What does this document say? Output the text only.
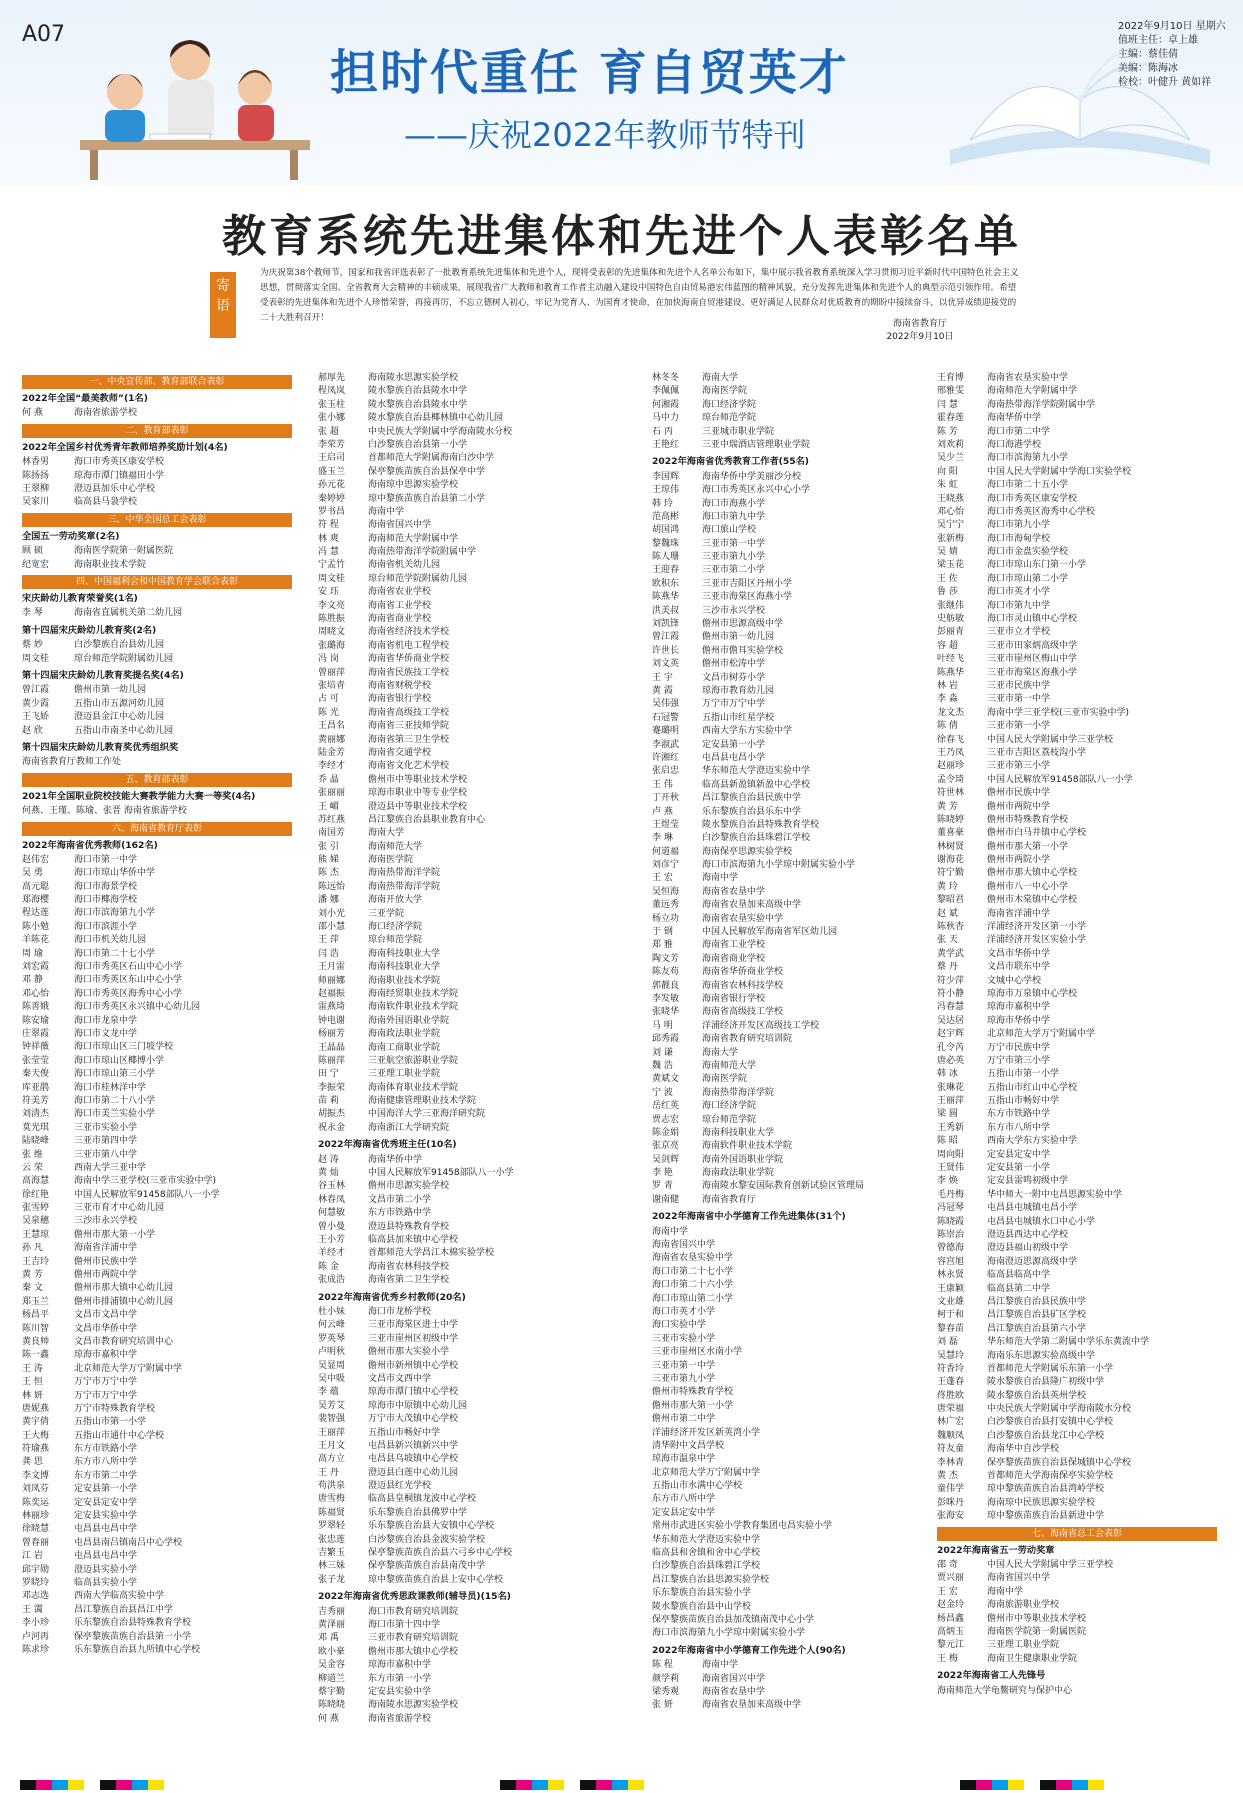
A07
担时代重任 育自贸英才
——庆祝2022年教师节特刊
2022年9月10日 星期六
值班主任：卓上雄
主编：蔡佳倩
美编：陈海冰
检校：叶健升 黄如祥
教育系统先进集体和先进个人表彰名单
寄语
为庆祝第38个教师节，国家和我省评选表彰了一批教育系统先进集体和先进个人，现将受表彰的先进集体和先进个人名单公布如下，集中展示我省教育系统深入学习贯彻习近平新时代中国特色社会主义思想，贯彻落实全国、全省教育大会精神的丰硕成果，展现我省广大教师和教育工作者主动融入建设中国特色自由贸易港宏伟蓝图的精神风貌，充分发挥先进集体和先进个人的典型示范引领作用。希望受表彰的先进集体和先进个人珍惜荣誉，再接再厉，不忘立德树人初心，牢记为党育人、为国育才使命，在加快海南自贸港建设、更好满足人民群众对优质教育的期盼中接续奋斗，以优异成绩迎接党的二十大胜利召开！
海南省教育厅
2022年9月10日
一、中央宣传部、教育部联合表彰
2022年全国“最美教师”(1名)
何 燕	海南省旅游学校
二、教育部表彰
2022年全国乡村优秀青年教师培养奖励计划(4名)
林香男	海口市秀英区康安学校
陈扬扬	琼海市潭门镇福田小学
王翠柳	澄迈县加乐中心学校
吴家川	临高县马袅学校
三、中华全国总工会表彰
全国五一劳动奖章(2名)
顾 硕	海南医学院第一附属医院
纪宽宏	海南职业技术学院
四、中国福利会和中国教育学会联合表彰
宋庆龄幼儿教育荣誉奖(1名)
李 琴	海南省直属机关第二幼儿园
第十四届宋庆龄幼儿教育奖(2名)
蔡 妙	白沙黎族自治县幼儿园
周文桂	琼台师范学院附属幼儿园
第十四届宋庆龄幼儿教育奖提名奖(4名)
曾江霞	儋州市第一幼儿园
黄少霞	五指山市五源河幼儿园
王飞娇	澄迈县金江中心幼儿园
赵 欣	五指山市南圣中心幼儿园
第十四届宋庆龄幼儿教育奖优秀组织奖
海南省教育厅教师工作处
五、教育部表彰
2021年全国职业院校技能大赛教学能力大赛一等奖(4名)
何燕、王瑾、陈瑜、张晋 海南省旅游学校
六、海南省教育厅表彰
2022年海南省优秀教师(162名)
赵伟宏	海口市第一中学
吴 勇	海口市琼山华侨中学
高元聪	海口市海景学校
郑海樱	海口市椰海学校
程达莲	海口市滨海第九小学
陈小勉	海口市滨涯小学
羊陈花	海口市机关幼儿园
周 瑜	海口市第二十七小学
刘宏霞	海口市秀英区石山中心小学
邓 静	海口市秀英区东山中心小学
邓心怡	海口市秀英区海秀中心小学
陈善娥	海口市秀英区永兴镇中心幼儿园
陈安瑜	海口市龙泉中学
庄翠霞	海口市文龙中学
钟祥薇	海口市琼山区三门坡学校
张莹莹	海口市琼山区椰博小学
秦天俊	海口市琼山第三小学
库亚鹃	海口市桂林洋中学
符美芳	海口市第二十八小学
刘清杰	海口市美兰实验小学
莫光琪	三亚市实验小学
陆晓峰	三亚市第四中学
张 维	三亚市第八中学
云 荣	西南大学三亚中学
高海慧	海南中学三亚学校(三亚市实验中学)
徐红艳	中国人民解放军91458部队八一小学
张雪婷	三亚市育才中心幼儿园
吴泉穗	三沙市永兴学校
王慧琼	儋州市那大第一小学
孙 凡	海南省洋浦中学
王吉玲	儋州市民族中学
黄 芳	儋州市两院中学
秦 文	儋州市那大镇中心幼儿园
郑玉兰	儋州市排浦镇中心幼儿园
杨昌平	文昌市文昌中学
陈川智	文昌市华侨中学
黄良帅	文昌市教育研究培训中心
陈一鑫	琼海市嘉积中学
王 涛	北京师范大学万宁附属中学
王 恒	万宁市万宁中学
林 妍	万宁市万宁中学
唐妮燕	万宁市特殊教育学校
黄宇倩	五指山市第一小学
王大梅	五指山市通什中心学校
符瑜燕	东方市铁路小学
龚 思	东方市八所中学
李文博	东方市第二中学
刘凤芬	定安县第一小学
陈奕运	定安县定安中学
林丽珍	定安县实验中学
徐晓慧	屯昌县屯昌中学
曾春丽	屯昌县南吕镇南吕中心学校
江 岩	屯昌县屯昌中学
邱宇勋	澄迈县实验小学
罗晓玲	临高县实验小学
邓志选	西南大学临高实验中学
王 霭	昌江黎族自治县昌江中学
李小珍	乐东黎族自治县特殊教育学校
卢河再	保亭黎族苗族自治县第一小学
陈求珍	乐东黎族自治县九所镇中心学校
郝厚先	海南陵水思源实验学校
程凤岚	陵水黎族自治县陵水中学
张玉柱	陵水黎族自治县陵水中学
张小娜	陵水黎族自治县椰林镇中心幼儿园
张 超	中央民族大学附属中学海南陵水分校
李荣芳	白沙黎族自治县第一小学
王启司	首都师范大学附属海南白沙中学
盛玉兰	保亭黎族苗族自治县保亭中学
孙元花	海南琼中思源实验学校
秦婷婷	琼中黎族苗族自治县第二小学
罗书昌	海南中学
符 程	海南省国兴中学
林 爽	海南师范大学附属中学
冯 慧	海南热带海洋学院附属中学
宁孟竹	海南省机关幼儿园
周文桂	琼台师范学院附属幼儿园
安 珏	海南省农业学校
李文亮	海南省工业学校
陈胜振	海南省商业学校
周晓文	海南省经济技术学校
张璐海	海南省机电工程学校
冯 岗	海南省华侨商业学校
曾丽萍	海南省民族技工学校
张培青	海南省财税学校
占 可	海南省银行学校
陈 光	海南省高级技工学校
王昌名	海南省三亚技师学院
黄丽娜	海南省第三卫生学校
陆金芳	海南省交通学校
李经才	海南省文化艺术学校
乔 晶	儋州市中等职业技术学校
张丽丽	琼海市职业中等专业学校
王 嵋	澄迈县中等职业技术学校
苏红燕	昌江黎族自治县职业教育中心
南国芳	海南大学
张 引	海南师范大学
熊 娣	海南医学院
陈 杰	海南热带海洋学院
陈远怡	海南热带海洋学院
潘 娜	海南开放大学
刘小光	三亚学院
邵小慧	海口经济学院
王 萍	琼台师范学院
闫 浩	海南科技职业大学
王月雷	海南科技职业大学
师丽娜	海南职业技术学院
赵福振	海南经贸职业技术学院
雷燕琦	海南软件职业技术学院
钟电谢	海南外国语职业学院
杨丽芳	海南政法职业学院
王晶晶	海南工商职业学院
陈丽萍	三亚航空旅游职业学院
田 宁	三亚理工职业学院
李振荣	海南体育职业技术学院
苗 莉	海南健康管理职业技术学院
胡振杰	中国海洋大学三亚海洋研究院
祝永金	海南浙江大学研究院
2022年海南省优秀班主任(10名)
赵 涛	海南华侨中学
黄 灿	中国人民解放军91458部队八一小学
谷玉林	儋州市思源实验学校
林春凤	文昌市第二小学
何慧敏	东方市铁路中学
曾小曼	澄迈县特殊教育学校
王小芳	临高县加来镇中心学校
羊经才	首都师范大学昌江木棉实验学校
陈 金	海南省农林科技学校
张成浩	海南省第二卫生学校
2022年海南省优秀乡村教师(20名)
杜小妹	海口市龙桥学校
何云峰	三亚市海棠区进士中学
罗英琴	三亚市崖州区初级中学
卢明秋	儋州市那大实验小学
吴显周	儋州市新州镇中心学校
吴中吸	文昌市文西中学
李 蕴	琼海市潭门镇中心学校
吴芳艾	琼海市中原镇中心幼儿园
裴智强	万宁市大茂镇中心学校
王丽萍	五指山市畅好中学
王月文	屯昌县新兴镇新兴中学
高方立	屯昌县乌坡镇中心学校
王 丹	澄迈县白莲中心幼儿园
苟洪泉	澄迈县红光学校
唐雪梅	临高县皇桐镇龙波中心学校
陈福贤	乐东黎族自治县佛罗中学
罗翠轻	乐东黎族自治县大安镇中心学校
张忠莲	白沙黎族自治县金波实验学校
吉繁玉	保亭黎族苗族自治县六弓乡中心学校
林三妹	保亭黎族苗族自治县南茂中学
张子龙	琼中黎族苗族自治县上安中心学校
2022年海南省优秀思政课教师(辅导员)(15名)
吉秀丽	海口市教育研究培训院
黄泽丽	海口市第十四中学
邓 禹	三亚市教育研究培训院
欧小豪	儋州市那大镇中心学校
吴金容	琼海市嘉积中学
柳道兰	东方市第一小学
蔡宇勤	定安县实验中学
陈晓晓	海南陵水思源实验学校
何 燕	海南省旅游学校
林冬冬	海南大学
李佩佩	海南医学院
何湘霞	海口经济学院
马中力	琼台师范学院
石 丙	三亚城市职业学院
王艳红	三亚中瑞酒店管理职业学院
2022年海南省优秀教育工作者(55名)
李国辉	海南华侨中学美丽沙分校
王琼伟	海口市秀英区永兴中心小学
韩 玲	海口市海燕小学
范高彬	海口市第九中学
胡国鸿	海口旅山学校
黎魏珠	三亚市第一中学
陈人珊	三亚市第九小学
王迎春	三亚市第二小学
欧积东	三亚市吉阳区丹州小学
陈燕华	三亚市海棠区海燕小学
洪美叔	三沙市永兴学校
刘凯锋	儋州市思源高级中学
曾江霞	儋州市第一幼儿园
许世长	儋州市儋耳实验学校
刘文英	儋州市松涛中学
王 宇	文昌市树芬小学
黄 霞	琼海市教育幼儿园
吴伟强	万宁市万宁中学
石冠警	五指山市红星学校
蹇璐明	西南大学东方实验中学
李淑武	定安县第一小学
许湘红	屯昌县屯昌小学
张启忠	华东师范大学澄迈实验中学
王 伟	临高县新盈镇新盈中心学校
丁开秋	昌江黎族自治县民族中学
卢 燕	乐东黎族自治县乐东中学
王煜莹	陵水黎族自治县特殊教育学校
李 琳	白沙黎族自治县珠碧江学校
何道福	海南保亭思源实验学校
刘彦宁	海口市滨海第九小学琼中附属实验小学
王 宏	海南中学
吴恒海	海南省农垦中学
董远秀	海南省农垦加来高级中学
杨立功	海南省农垦实验中学
于 钢	中国人民解放军海南省军区幼儿园
郑 雅	海南省工业学校
陶文芳	海南省商业学校
陈友苟	海南省华侨商业学校
郭靓良	海南省农林科技学校
李发敏	海南省银行学校
张晓华	海南省高级技工学校
马 明	洋浦经济开发区高级技工学校
邱秀霞	海南省教育研究培训院
刘 谦	海南大学
魏 浩	海南师范大学
黄斌文	海南医学院
宁 波	海南热带海洋学院
岳红英	海口经济学院
贾志宏	琼台师范学院
陈金娟	海南科技职业大学
张京亮	海南软件职业技术学院
吴剑辉	海南外国语职业学院
李 艳	海南政法职业学院
罗 青	海南陵水黎安国际教育创新试验区管理局
谢南健	海南省教育厅
2022年海南省中小学德育工作先进集体(31个)
海南中学
海南省国兴中学
海南省农垦实验中学
海口市第二十七小学
海口市第二十六小学
海口市琼山第二小学
海口市英才小学
海口实验中学
三亚市实验小学
三亚市崖州区水南小学
三亚市第一中学
三亚市第九小学
儋州市特殊教育学校
儋州市那大第一小学
儋州市第二中学
洋浦经济开发区新英湾小学
清华附中文昌学校
琼海市温泉中学
北京师范大学万宁附属中学
五指山市水满中心学校
东方市八所中学
定安县定安中学
常州市武进区实验小学教育集团屯昌实验小学
华东师范大学澄迈实验中学
临高县和舍镇和舍中心学校
白沙黎族自治县珠碧江学校
昌江黎族自治县思源实验学校
乐东黎族自治县实验小学
陵水黎族自治县中山学校
保亭黎族苗族自治县加茂镇南茂中心小学
海口市滨海第九小学琼中附属实验小学
2022年海南省中小学德育工作先进个人(90名)
陈 程	海南中学
颜学莉	海南省国兴中学
梁秀观	海南省农垦中学
张 妍	海南省农垦加来高级中学
王育博	海南省农垦实验中学
邢雅雯	海南师范大学附属中学
闫 慧	海南热带海洋学院附属中学
霍春莲	海南华侨中学
陈 芳	海口市第二中学
刘欢莉	海口海港学校
吴少兰	海口市滨海第九小学
向 阳	中国人民大学附属中学海口实验学校
朱 虹	海口市第二十五小学
王晓燕	海口市秀英区康安学校
邓心怡	海口市秀英区海秀中心学校
吴宁宁	海口市第九小学
张新梅	海口市海甸学校
吴 婧	海口市金盘实验学校
梁玉花	海口市琼山东门第一小学
王 佐	海口市琼山第二小学
鲁 莎	海口市英才小学
张继伟	海口市第九中学
史舫敏	海口市灵山镇中心学校
彭丽青	三亚市立才学校
容 超	三亚市田家炳高级中学
叶经飞	三亚市崖州区梅山中学
陈燕华	三亚市海棠区海燕小学
林 岩	三亚市民族中学
李 淼	三亚市第一中学
龙文杰	海南中学三亚学校(三亚市实验中学)
陈 倩	三亚市第一小学
徐春飞	中国人民大学附属中学三亚学校
王乃凤	三亚市吉阳区荔枝沟小学
赵丽珍	三亚市第三小学
孟令琦	中国人民解放军91458部队八一小学
符世林	儋州市民族中学
黄 芳	儋州市两院中学
陈晓婷	儋州市特殊教育学校
董喜豪	儋州市白马井镇中心学校
林树贤	儋州市那大第一小学
谢海花	儋州市两院小学
符宁勤	儋州市那大镇中心学校
黄 玲	儋州市八一中心小学
黎昭君	儋州市木棠镇中心学校
赵 斌	海南省洋浦中学
陈秋杏	洋浦经济开发区第一小学
张 天	洋浦经济开发区实验小学
黄学武	文昌市华侨中学
蔡 丹	文昌市联东中学
符少萍	文城中心学校
符小静	琼海市万泉镇中心学校
冯春慧	琼海市嘉积中学
吴达居	琼海市华侨中学
赵宇辉	北京师范大学万宁附属中学
孔令芮	万宁市民族中学
唐必英	万宁市第三小学
韩 冰	五指山市第一小学
张琳花	五指山市红山中心学校
王丽萍	五指山市畅好中学
梁 圆	东方市铁路中学
王秀新	东方市八所中学
陈 昭	西南大学东方实验中学
周向阳	定安县定安中学
王贤伟	定安县第一小学
李 焕	定安县雷鸣初级中学
毛丹梅	华中师大一附中屯昌思源实验中学
冯冠琴	屯昌县屯城镇屯昌小学
陈晓霞	屯昌县屯城镇水口中心小学
陈崇治	澄迈县西达中心学校
曾德海	澄迈县福山初级中学
容宫旭	海南澄迈思源高级中学
林永贤	临高县临高中学
王康颖	临高县第二中学
文业雄	昌江黎族自治县民族中学
柯于和	昌江黎族自治县矿区学校
黎春苗	昌江黎族自治县第六小学
刘 磊	华东师范大学第二附属中学乐东黄流中学
吴慧玲	海南乐东思源实验高级中学
符香玲	首都师范大学附属乐东第一小学
王蓬春	陵水黎族自治县隆广初级中学
佟胜欧	陵水黎族自治县英州学校
唐荣福	中央民族大学附属中学海南陵水分校
林广宏	白沙黎族自治县打安镇中心学校
魏顺凤	白沙黎族自治县龙江中心学校
符友童	海南华中自沙学校
李林青	保亭黎族苗族自治县保城镇中心学校
黄 杰	首都师范大学海南保亭实验学校
童伟学	琼中黎族苗族自治县湾岭学校
彭咪丹	海南琼中民族思源实验学校
张海安	琼中黎族苗族自治县新进中学
七、海南省总工会表彰
2022年海南省五一劳动奖章
邵 奇	中国人民大学附属中学三亚学校
贾兴丽	海南省国兴中学
王 宏	海南中学
赵金玲	海南旅游职业学校
杨昌鑫	儋州市中等职业技术学校
高炳玉	海南医学院第一附属医院
黎元江	三亚理工职业学院
王 梅	海南卫生健康职业学院
2022年海南省工人先锋号
海南师范大学龟鳖研究与保护中心
